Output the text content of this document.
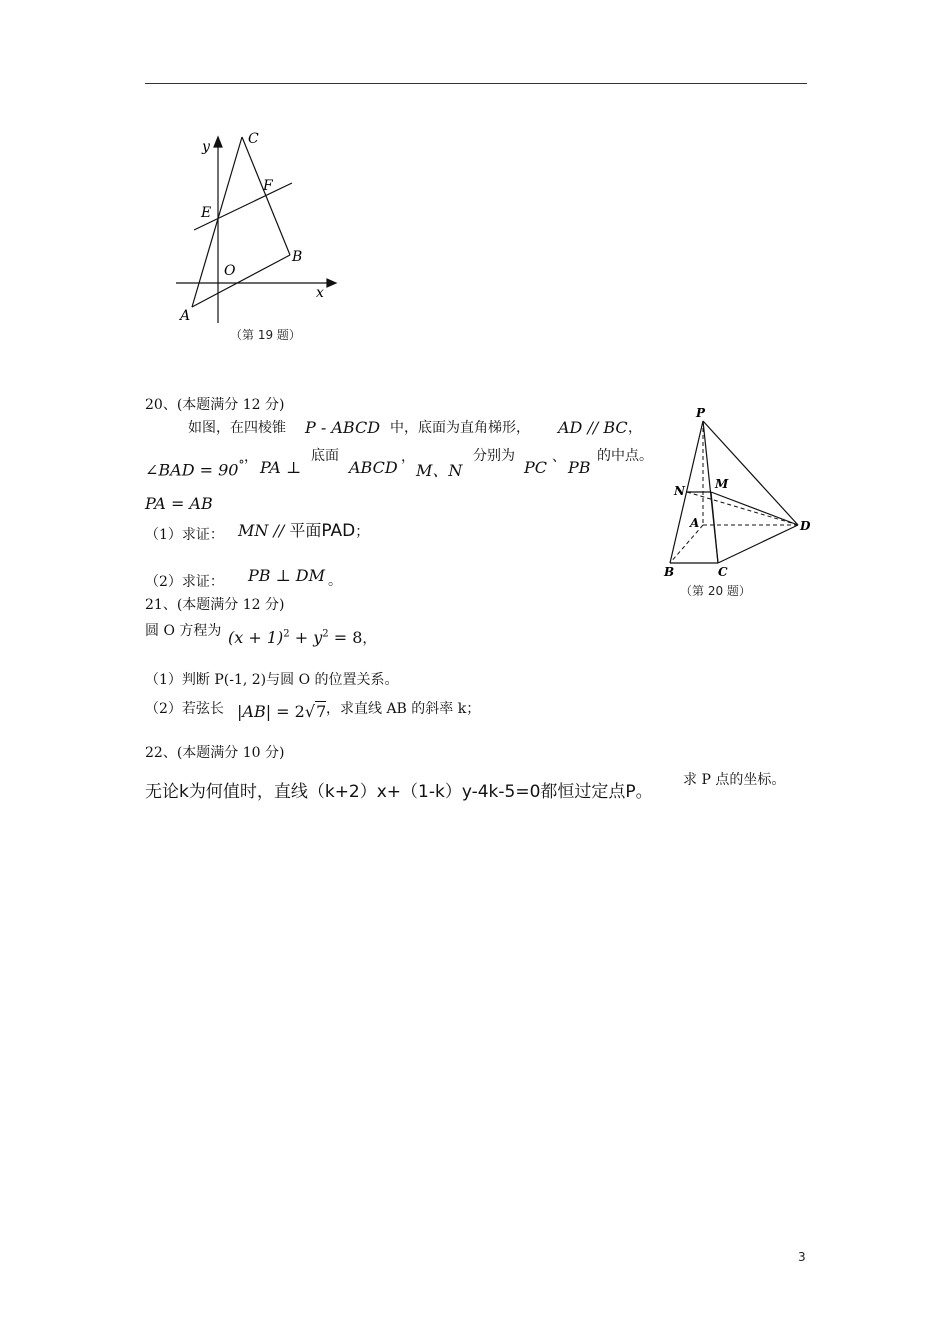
y	C
F
E
B
O
x
A
（第 19 题）
P
N	M
A	D
B	C
（第 20 题）
20、(本题满分 12 分)
如图，在四棱锥 P - ABCD 中，底面为直角梯形， AD // BC ，
∠BAD = 90° ，
PA ⊥
底面
ABCD
，
M、N
分别为
PC
、
PB
的中点。
PA = AB
（1）求证： MN // 平面PAD；
（2）求证： PB ⊥ DM 。
21、(本题满分 12 分)
圆 O 方程为 $(x + 1)^2 + y^2 = 8$，
（1）判断 P(-1, 2)与圆 O 的位置关系。
（2）若弦长 |AB| = 2√7 ，求直线 AB 的斜率 k；
22、(本题满分 10 分)
无论k为何值时，直线（k+2）x+（1-k）y-4k-5=0都恒过定点P。
求 P 点的坐标。
3
